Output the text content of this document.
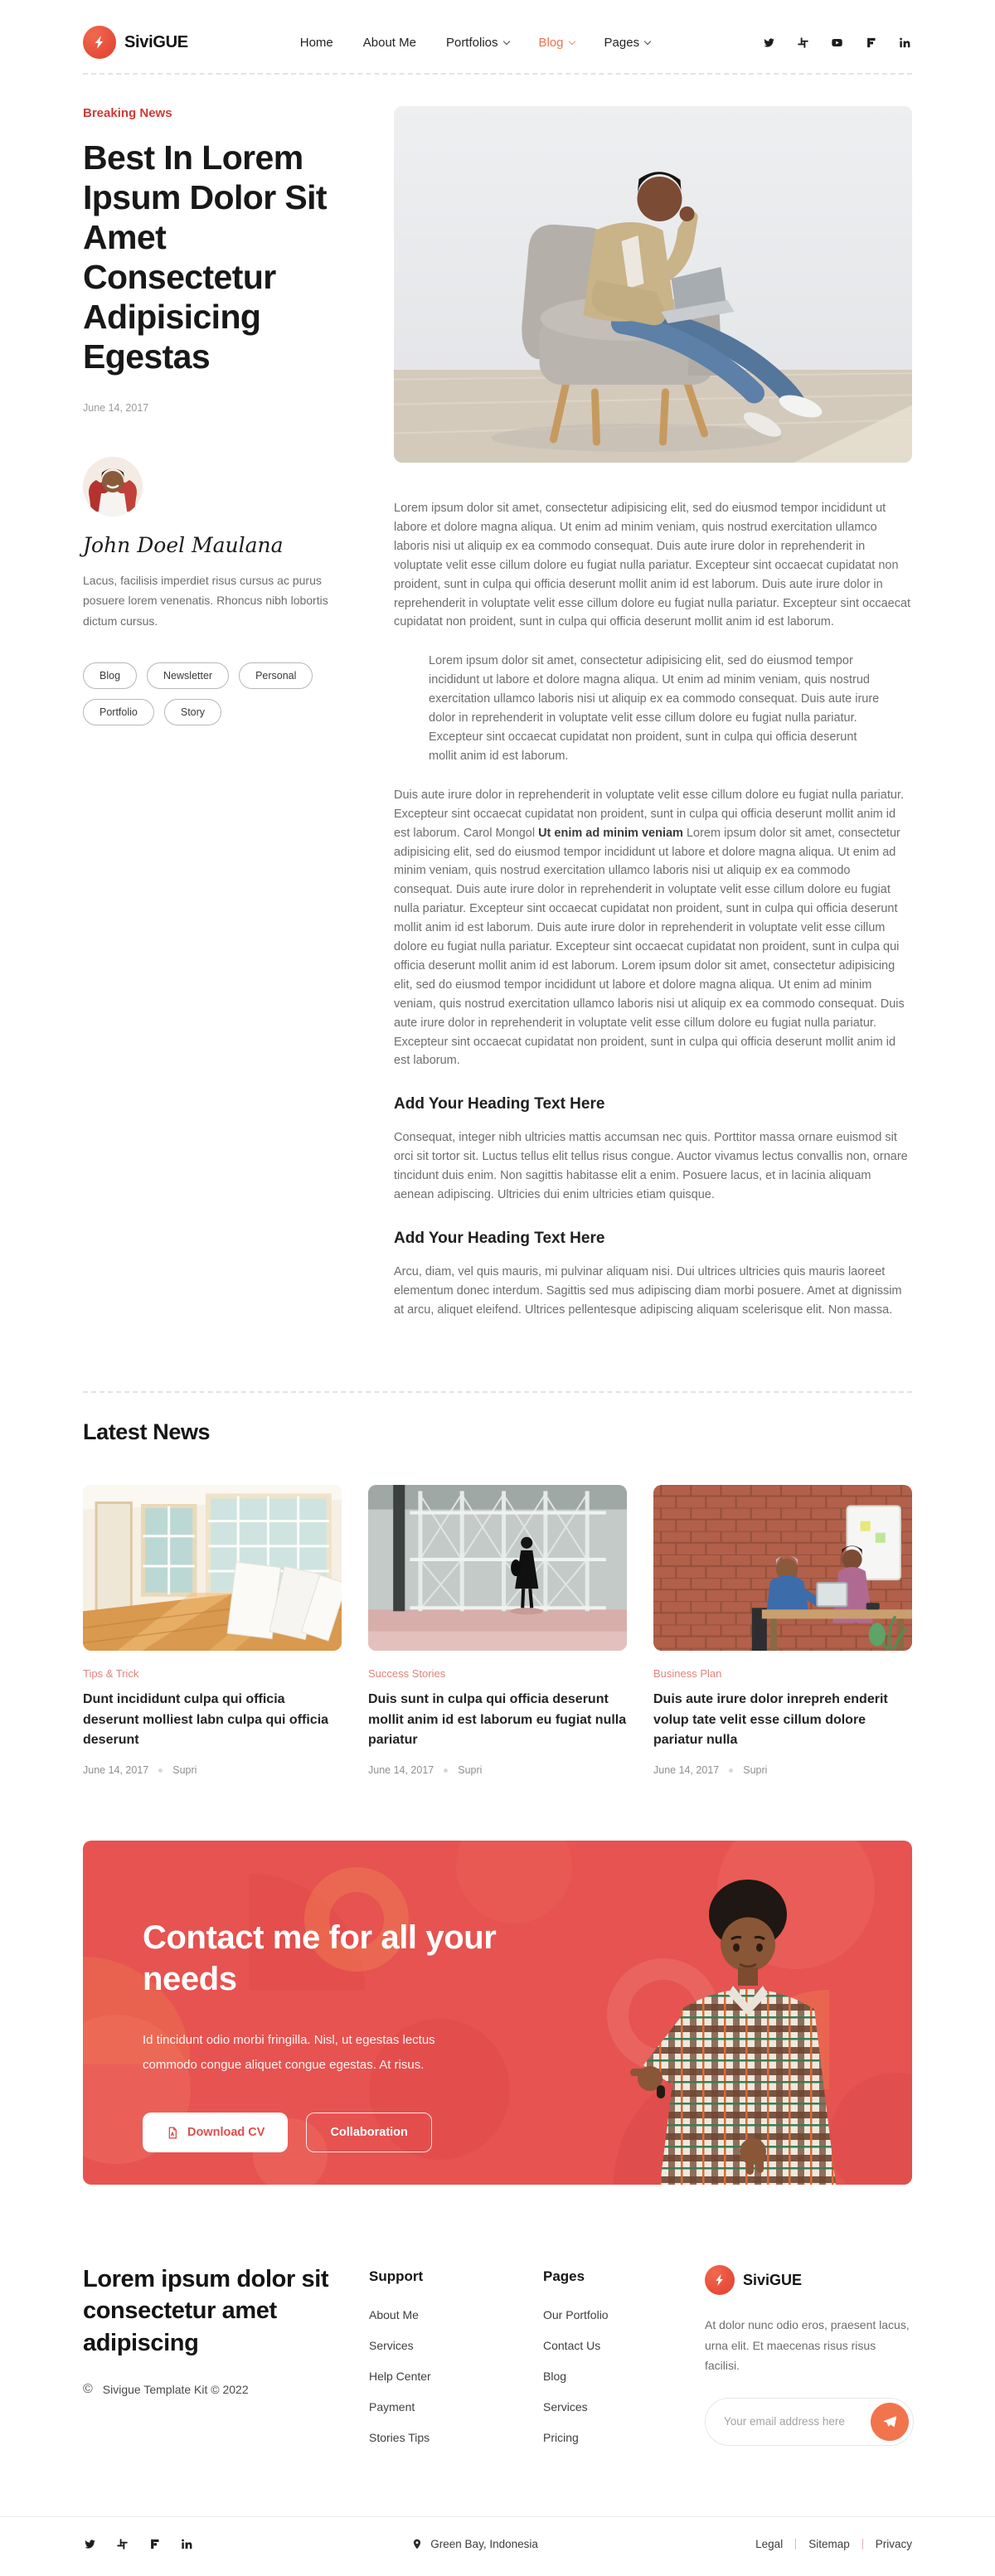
SiviGUE	Home About Me Portfolios	Blog	Pages
Breaking News
Best In Lorem Ipsum Dolor Sit Amet Consectetur Adipisicing Egestas
June 14, 2017
John Doel Maulana

Lacus, facilisis imperdiet risus cursus ac purus posuere lorem venenatis. Rhoncus nibh lobortis dictum cursus.

Blog	Newsletter	Personal
Portfolio	Story

Lorem ipsum dolor sit amet, consectetur adipisicing elit, sed do eiusmod tempor incididunt ut labore et dolore magna aliqua. Ut enim ad minim veniam, quis nostrud exercitation ullamco laboris nisi ut aliquip ex ea commodo consequat. Duis aute irure dolor in reprehenderit in voluptate velit esse cillum dolore eu fugiat nulla pariatur. Excepteur sint occaecat cupidatat non proident, sunt in culpa qui officia deserunt mollit anim id est laborum. Duis aute irure dolor in reprehenderit in voluptate velit esse cillum dolore eu fugiat nulla pariatur. Excepteur sint occaecat cupidatat non proident, sunt in culpa qui officia deserunt mollit anim id est laborum.

Lorem ipsum dolor sit amet, consectetur adipisicing elit, sed do eiusmod tempor incididunt ut labore et dolore magna aliqua. Ut enim ad minim veniam, quis nostrud exercitation ullamco laboris nisi ut aliquip ex ea commodo consequat. Duis aute irure dolor in reprehenderit in voluptate velit esse cillum dolore eu fugiat nulla pariatur. Excepteur sint occaecat cupidatat non proident, sunt in culpa qui officia deserunt mollit anim id est laborum.

Duis aute irure dolor in reprehenderit in voluptate velit esse cillum dolore eu fugiat nulla pariatur. Excepteur sint occaecat cupidatat non proident, sunt in culpa qui officia deserunt mollit anim id est laborum. Carol Mongol Ut enim ad minim veniam Lorem ipsum dolor sit amet, consectetur adipisicing elit, sed do eiusmod tempor incididunt ut labore et dolore magna aliqua. Ut enim ad minim veniam, quis nostrud exercitation ullamco laboris nisi ut aliquip ex ea commodo consequat. Duis aute irure dolor in reprehenderit in voluptate velit esse cillum dolore eu fugiat nulla pariatur. Excepteur sint occaecat cupidatat non proident, sunt in culpa qui officia deserunt mollit anim id est laborum. Duis aute irure dolor in reprehenderit in voluptate velit esse cillum dolore eu fugiat nulla pariatur. Excepteur sint occaecat cupidatat non proident, sunt in culpa qui officia deserunt mollit anim id est laborum. Lorem ipsum dolor sit amet, consectetur adipisicing elit, sed do eiusmod tempor incididunt ut labore et dolore magna aliqua. Ut enim ad minim veniam, quis nostrud exercitation ullamco laboris nisi ut aliquip ex ea commodo consequat. Duis aute irure dolor in reprehenderit in voluptate velit esse cillum dolore eu fugiat nulla pariatur. Excepteur sint occaecat cupidatat non proident, sunt in culpa qui officia deserunt mollit anim id est laborum.

Add Your Heading Text Here

Consequat, integer nibh ultricies mattis accumsan nec quis. Porttitor massa ornare euismod sit orci sit tortor sit. Luctus tellus elit tellus risus congue. Auctor vivamus lectus convallis non, ornare tincidunt duis enim. Non sagittis habitasse elit a enim. Posuere lacus, et in lacinia aliquam aenean adipiscing. Ultricies dui enim ultricies etiam quisque.

Add Your Heading Text Here

Arcu, diam, vel quis mauris, mi pulvinar aliquam nisi. Dui ultrices ultricies quis mauris laoreet elementum donec interdum. Sagittis sed mus adipiscing diam morbi posuere. Amet at dignissim at arcu, aliquet eleifend. Ultrices pellentesque adipiscing aliquam scelerisque elit. Non massa.

Latest News
Tips & Trick
Dunt incididunt culpa qui officia deserunt molliest labn culpa qui officia deserunt
June 14, 2017 Supri
Success Stories
Duis sunt in culpa qui officia deserunt mollit anim id est laborum eu fugiat nulla pariatur
June 14, 2017 Supri
Business Plan
Duis aute irure dolor inrepreh enderit volup tate velit esse cillum dolore pariatur nulla
June 14, 2017 Supri
Contact me for all your needs

Id tincidunt odio morbi fringilla. Nisl, ut egestas lectus commodo congue aliquet congue egestas. At risus.

Download CV	Collaboration
Lorem ipsum dolor sit consectetur amet adipiscing
© Sivigue Template Kit © 2022
Support
About Me
Services
Help Center
Payment
Stories Tips
Pages
Our Portfolio
Contact Us
Blog
Services
Pricing
SiviGUE

At dolor nunc odio eros, praesent lacus, urna elit. Et maecenas risus risus facilisi.

Your email address here
Green Bay, Indonesia	Legal Sitemap Privacy
